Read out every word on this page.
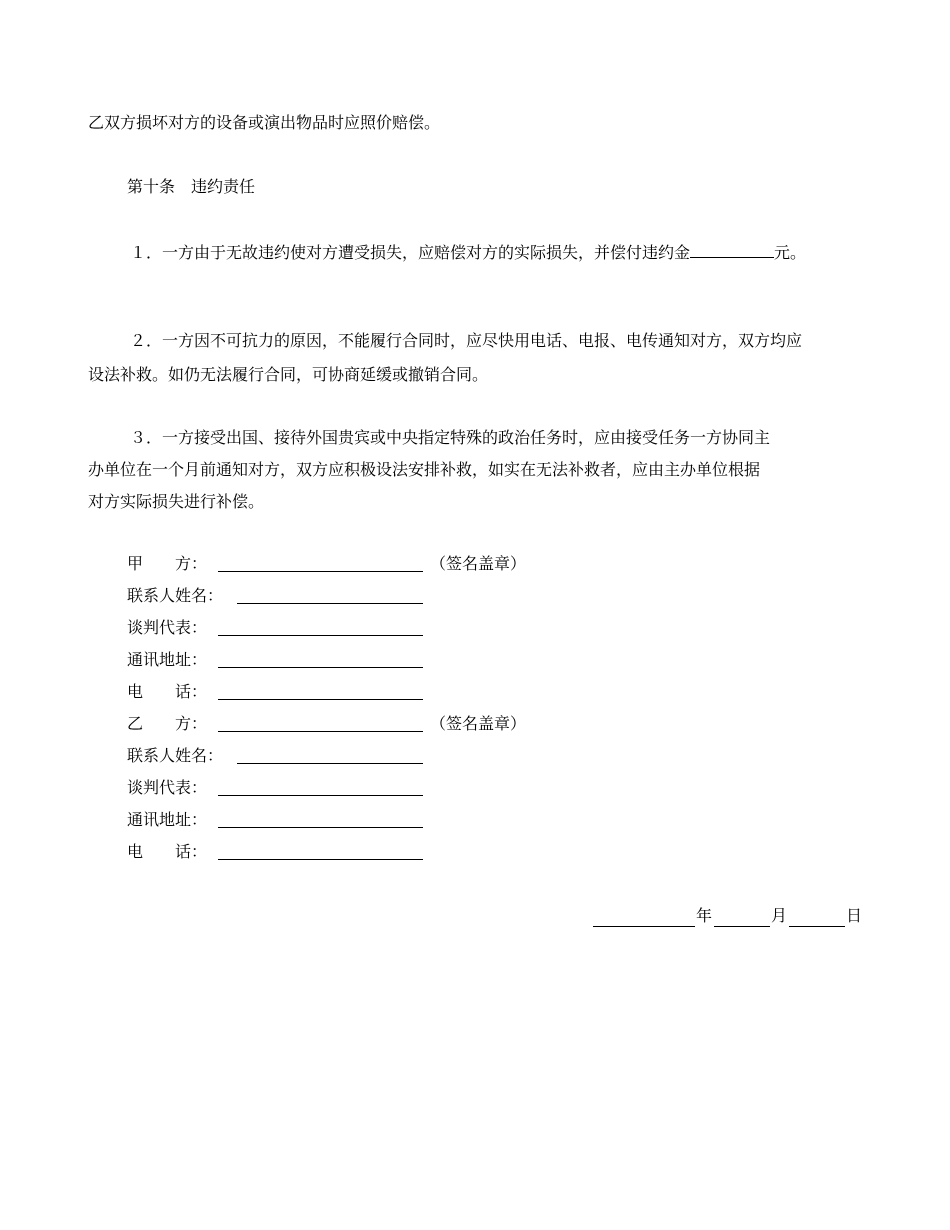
乙双方损坏对方的设备或演出物品时应照价赔偿。
第十条　违约责任
１．一方由于无故违约使对方遭受损失，应赔偿对方的实际损失，并偿付违约金	元。
２．一方因不可抗力的原因，不能履行合同时，应尽快用电话、电报、电传通知对方，双方均应
设法补救。如仍无法履行合同，可协商延缓或撤销合同。
３．一方接受出国、接待外国贵宾或中央指定特殊的政治任务时，应由接受任务一方协同主
办单位在一个月前通知对方，双方应积极设法安排补救，如实在无法补救者，应由主办单位根据
对方实际损失进行补偿。
甲　　方：	（签名盖章）
联系人姓名：
谈判代表：
通讯地址：
电　　话：
乙　　方：	（签名盖章）
联系人姓名：
谈判代表：
通讯地址：
电　　话：
年	月	日
